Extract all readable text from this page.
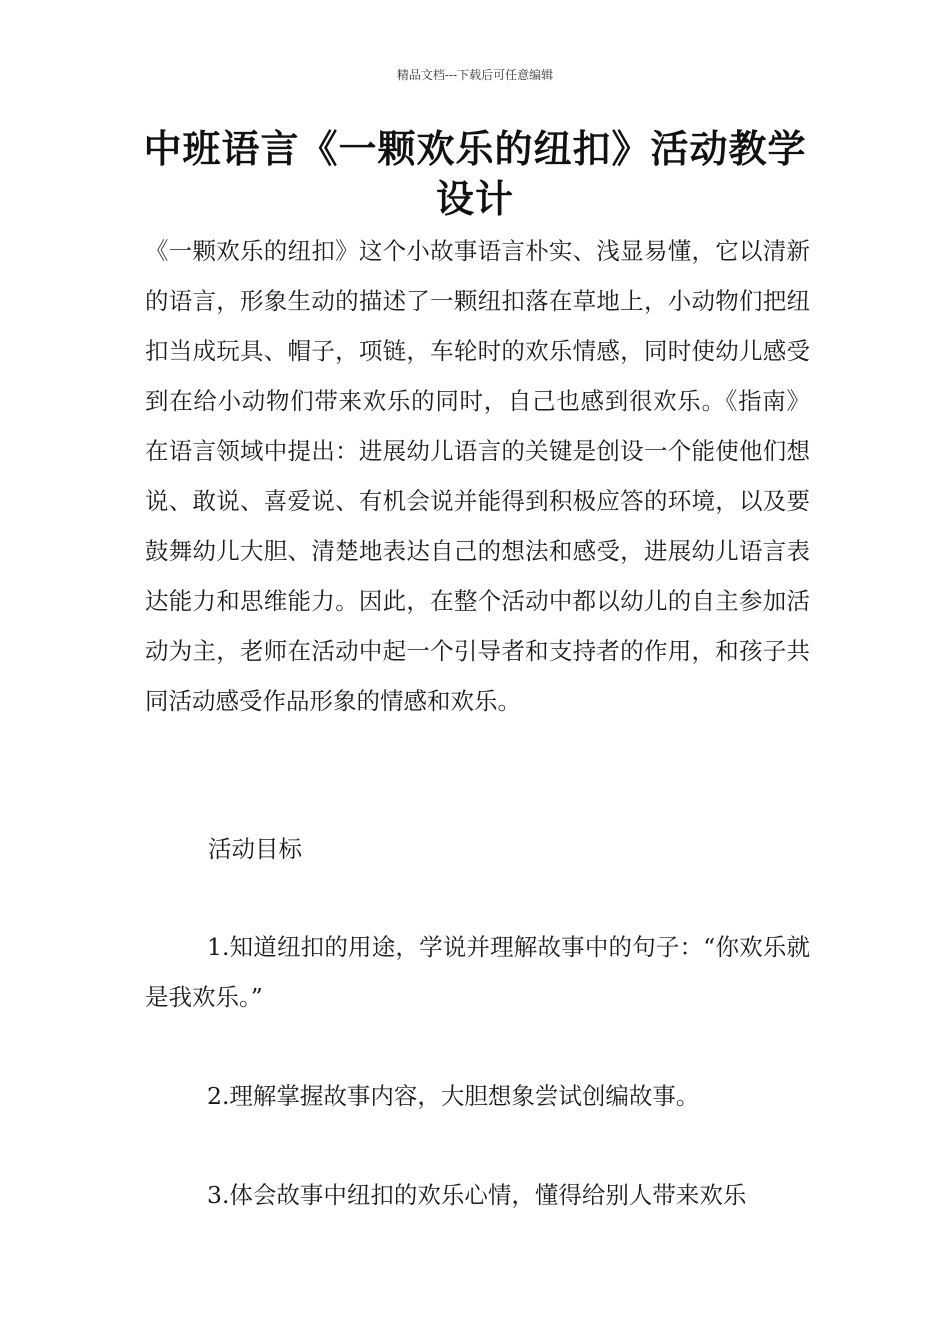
精品文档---下载后可任意编辑
中班语言《一颗欢乐的纽扣》活动教学设计
《一颗欢乐的纽扣》这个小故事语言朴实、浅显易懂，它以清新的语言，形象生动的描述了一颗纽扣落在草地上，小动物们把纽扣当成玩具、帽子，项链，车轮时的欢乐情感，同时使幼儿感受到在给小动物们带来欢乐的同时，自己也感到很欢乐。《指南》在语言领域中提出：进展幼儿语言的关键是创设一个能使他们想说、敢说、喜爱说、有机会说并能得到积极应答的环境，以及要鼓舞幼儿大胆、清楚地表达自己的想法和感受，进展幼儿语言表达能力和思维能力。因此，在整个活动中都以幼儿的自主参加活动为主，老师在活动中起一个引导者和支持者的作用，和孩子共同活动感受作品形象的情感和欢乐。
活动目标
1.知道纽扣的用途，学说并理解故事中的句子：“你欢乐就是我欢乐。”
2.理解掌握故事内容，大胆想象尝试创编故事。
3.体会故事中纽扣的欢乐心情，懂得给别人带来欢乐
